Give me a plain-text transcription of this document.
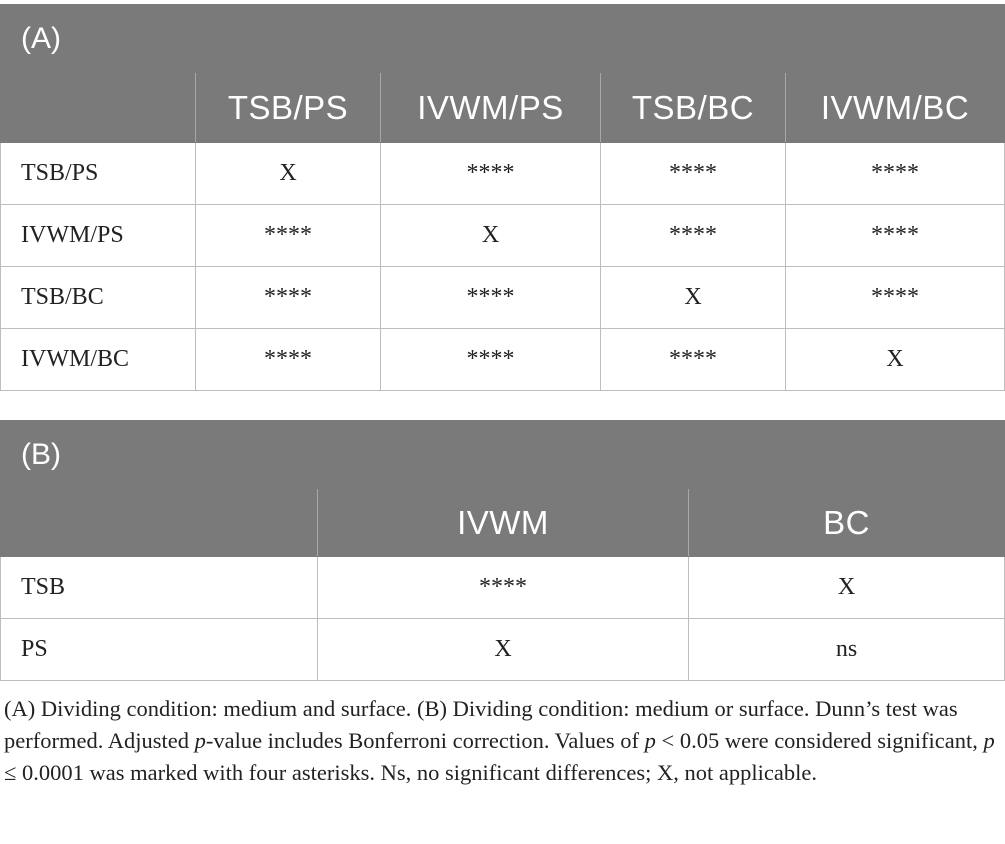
(A)				
	TSB/PS	IVWM/PS	TSB/BC	IVWM/BC
TSB/PS	X	****	****	****
IVWM/PS	****	X	****	****
TSB/BC	****	****	X	****
IVWM/BC	****	****	****	X
(B)		
	IVWM	BC
TSB	****	X
PS	X	ns

(A) Dividing condition: medium and surface. (B) Dividing condition: medium or surface. Dunn’s test was performed. Adjusted p-value includes Bonferroni correction. Values of p < 0.05 were considered significant, p ≤ 0.0001 was marked with four asterisks. Ns, no significant differences; X, not applicable.
